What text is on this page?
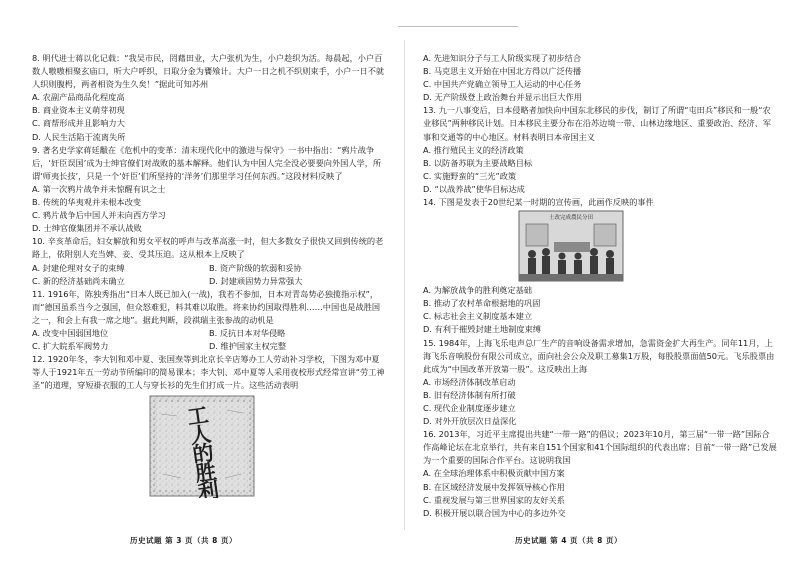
8. 明代进士蒋以化记载：“我吴市民，罔藉田业，大户张机为生，小户趁织为活。每晨起，小户百数人嗷嗷相聚玄庙口，听大户呼织，日取分金为饔飧计。大户一日之机不织则束手，小户一日不就人织则腹枵，两者相资为生久矣！”据此可知苏州

A. 农副产品商品化程度高

B. 商业资本主义萌芽初现

C. 商帮形成并且影响力大

D. 人民生活陷于流离失所

9. 著名史学家蒋廷黻在《危机中的变革：清末现代化中的激进与保守》一书中指出：“鸦片战争后，‘奸臣误国’成为士绅官僚们对战败的基本解释。他们认为中国人完全没必要要向外国人学，所谓‘师夷长技’，只是一个‘奸臣’们所坚持的‘洋务’们那里学习任何东西。”这段材料反映了

A. 第一次鸦片战争并未惊醒有识之士

B. 传统的华夷观并未根本改变

C. 鸦片战争后中国人并未向西方学习

D. 士绅官僚集团并不承认战败

10. 辛亥革命后，妇女解放和男女平权的呼声与改革高涨一时，但大多数女子很快又回到传统的老路上，依附别人充当婢、妾、受其压迫。这从根本上反映了

A. 封建伦理对女子的束缚	B. 资产阶级的软弱和妥协
C. 新的经济基础尚未确立	D. 封建顽固势力异常强大

11. 1916年，陈独秀指出“日本人既已加入(一战)，我若不参加，日本对青岛势必独揽指示权”，而“德国虽系当今之强国，但众怒难犯，料其难以取胜。将来协约国取得胜利……中国也是战胜国之一，和会上有我一席之地”。据此判断，段祺瑞主张参战的动机是

A. 改变中国弱国地位	B. 反抗日本对华侵略
C. 扩大皖系军阀势力	D. 维护国家主权完整

12. 1920年冬，李大钊和邓中夏、张国焘等到北京长辛店筹办工人劳动补习学校，下图为邓中夏等人于1921年五一劳动节所编印的简易课本；李大钊、邓中夏等人采用夜校形式经常宣讲“劳工神圣”的道理，穿短褂衣服的工人与穿长衫的先生们打成一片。这些活动表明

工人的胜利

A. 先进知识分子与工人阶级实现了初步结合

B. 马克思主义开始在中国北方得以广泛传播

C. 中国共产党确立领导工人运动的中心任务

D. 无产阶级登上政治舞台并显示出巨大作用

13. 九一八事变后，日本侵略者加快向中国东北移民的步伐，制订了所谓“屯田兵”移民和一般“农业移民”两种移民计划。日本移民主要分布在沿苏边境一带、山林边缘地区、重要政治、经济、军事和交通等的中心地区。材料表明日本帝国主义

A. 推行殖民主义的经济政策

B. 以防备苏联为主要战略目标

C. 实施野蛮的“三光”政策

D. “以战养战”使华目标达成

14. 下图是发表于20世纪某一时期的宣传画，此画作反映的事件

土改完成農民分田

A. 为解放战争的胜利奠定基础

B. 推动了农村革命根据地的巩固

C. 标志社会主义制度基本建立

D. 有利于摧毁封建土地制度束缚

15. 1984年，上海飞乐电声总厂生产的音响设备需求增加，急需资金扩大再生产。同年11月，上海飞乐音响股份有限公司成立，面向社会公众及职工募集1万股，每股股票面值50元。飞乐股票由此成为“中国改革开放第一股”。这反映出上海

A. 市场经济体制改革启动

B. 旧有经济体制有所打破

C. 现代企业制度逐步建立

D. 对外开放层次日益深化

16. 2013年，习近平主席提出共建“一带一路”的倡议；2023年10月，第三届“一带一路”国际合作高峰论坛在北京举行，共有来自151个国家和41个国际组织的代表出席；目前“一带一路”已发展为一个重要的国际合作平台。这说明我国

A. 在全球治理体系中积极贡献中国方案

B. 在区域经济发展中发挥领导核心作用

C. 重视发展与第三世界国家的友好关系

D. 积极开展以联合国为中心的多边外交

历史试题 第 3 页（共 8 页）	历史试题 第 4 页（共 8 页）
